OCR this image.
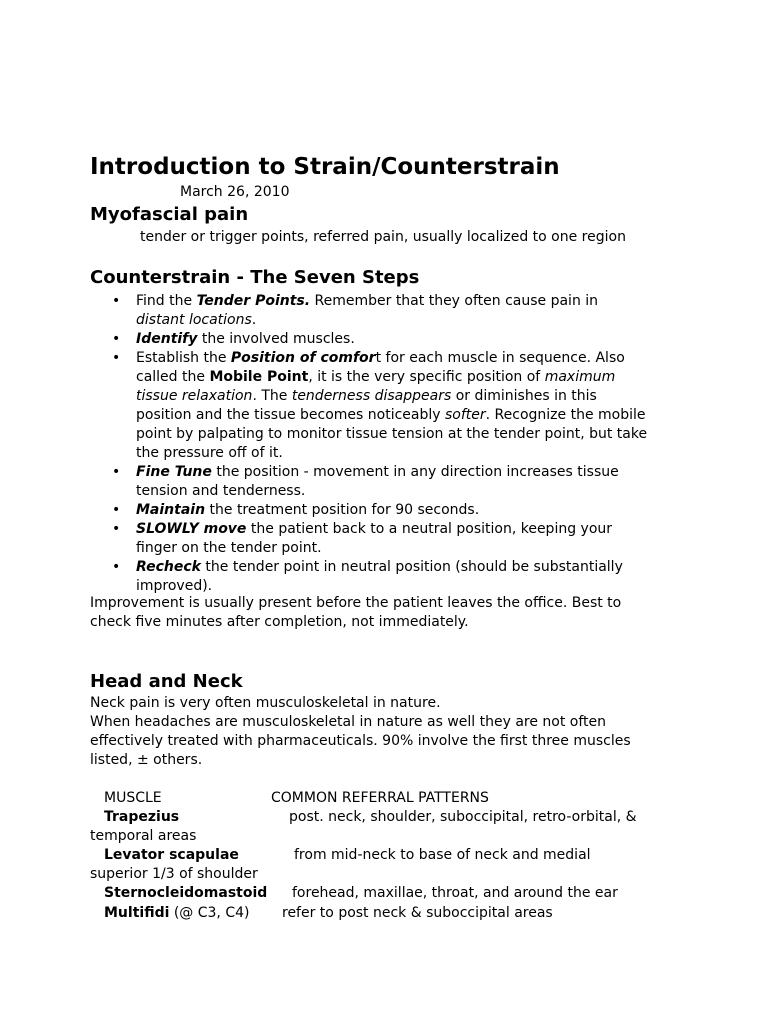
Introduction to Strain/Counterstrain
March 26, 2010
Myofascial pain
tender or trigger points, referred pain, usually localized to one region
Counterstrain - The Seven Steps
• Find the Tender Points. Remember that they often cause pain in distant locations.
• Identify the involved muscles.
• Establish the Position of comfort for each muscle in sequence. Also called the Mobile Point, it is the very specific position of maximum tissue relaxation. The tenderness disappears or diminishes in this position and the tissue becomes noticeably softer. Recognize the mobile point by palpating to monitor tissue tension at the tender point, but take the pressure off of it.
• Fine Tune the position - movement in any direction increases tissue tension and tenderness.
• Maintain the treatment position for 90 seconds.
• SLOWLY move the patient back to a neutral position, keeping your finger on the tender point.
• Recheck the tender point in neutral position (should be substantially improved).
Improvement is usually present before the patient leaves the office. Best to check five minutes after completion, not immediately.
Head and Neck
Neck pain is very often musculoskeletal in nature.
When headaches are musculoskeletal in nature as well they are not often effectively treated with pharmaceuticals. 90% involve the first three muscles listed, ± others.
MUSCLE	COMMON REFERRAL PATTERNS
Trapezius	post. neck, shoulder, suboccipital, retro-orbital, &
temporal areas
Levator scapulae	from mid-neck to base of neck and medial
superior 1/3 of shoulder
Sternocleidomastoid forehead, maxillae, throat, and around the ear
Multifidi (@ C3, C4) refer to post neck & suboccipital areas
